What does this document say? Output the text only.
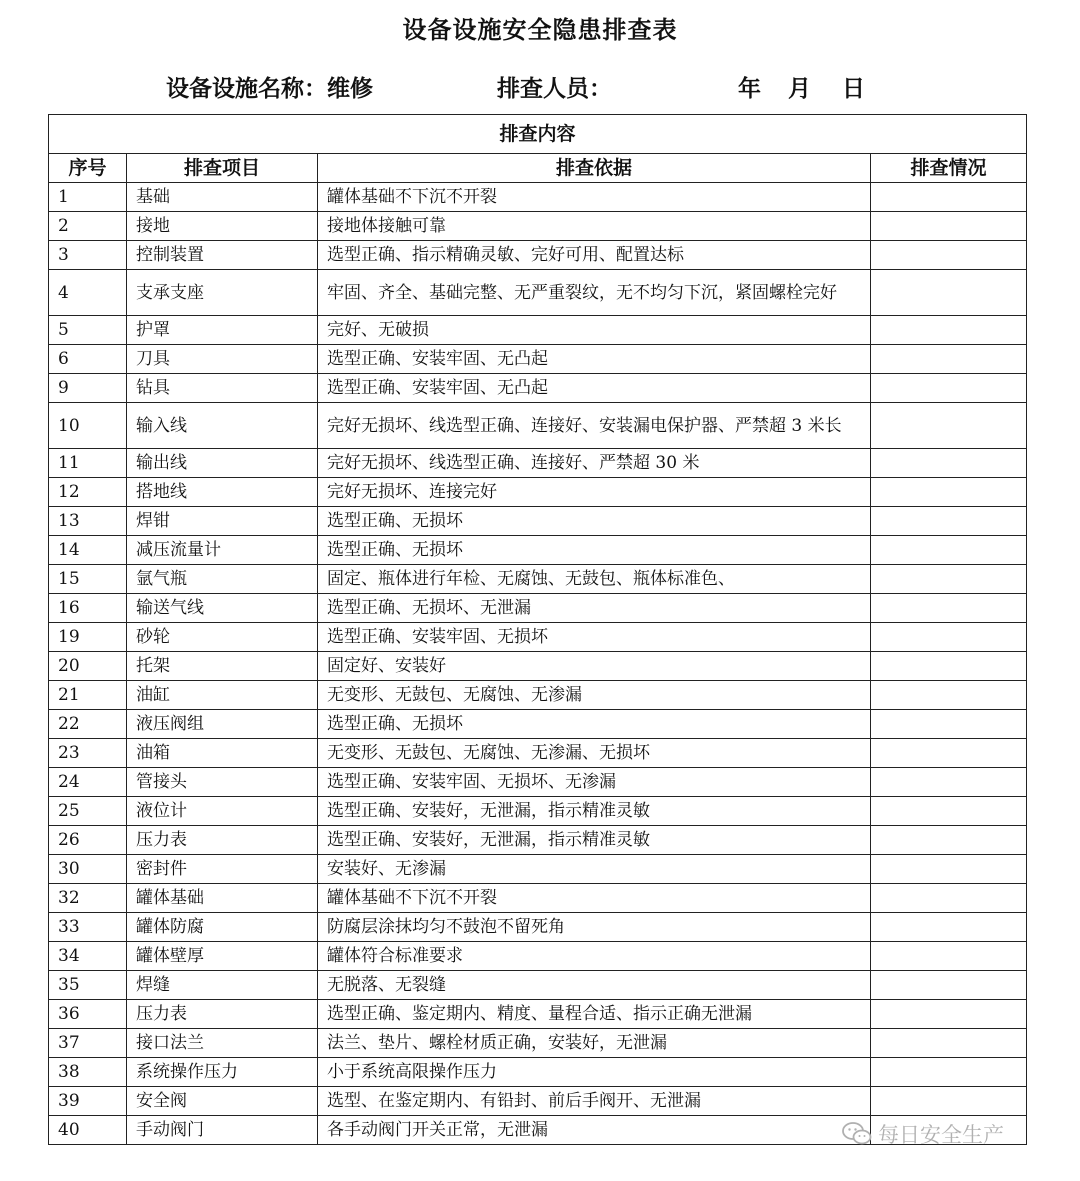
设备设施安全隐患排查表
设备设施名称：维修	排查人员：	年 月 日
排查内容			
序号	排查项目	排查依据	排查情况
1	基础	罐体基础不下沉不开裂	
2	接地	接地体接触可靠	
3	控制装置	选型正确、指示精确灵敏、完好可用、配置达标	
4	支承支座	牢固、齐全、基础完整、无严重裂纹，无不均匀下沉，紧固螺栓完好	
5	护罩	完好、无破损	
6	刀具	选型正确、安装牢固、无凸起	
9	钻具	选型正确、安装牢固、无凸起	
10	输入线	完好无损坏、线选型正确、连接好、安装漏电保护器、严禁超 3 米长	
11	输出线	完好无损坏、线选型正确、连接好、严禁超 30 米	
12	搭地线	完好无损坏、连接完好	
13	焊钳	选型正确、无损坏	
14	减压流量计	选型正确、无损坏	
15	氩气瓶	固定、瓶体进行年检、无腐蚀、无鼓包、瓶体标准色、	
16	输送气线	选型正确、无损坏、无泄漏	
19	砂轮	选型正确、安装牢固、无损坏	
20	托架	固定好、安装好	
21	油缸	无变形、无鼓包、无腐蚀、无渗漏	
22	液压阀组	选型正确、无损坏	
23	油箱	无变形、无鼓包、无腐蚀、无渗漏、无损坏	
24	管接头	选型正确、安装牢固、无损坏、无渗漏	
25	液位计	选型正确、安装好，无泄漏，指示精准灵敏	
26	压力表	选型正确、安装好，无泄漏，指示精准灵敏	
30	密封件	安装好、无渗漏	
32	罐体基础	罐体基础不下沉不开裂	
33	罐体防腐	防腐层涂抹均匀不鼓泡不留死角	
34	罐体壁厚	罐体符合标准要求	
35	焊缝	无脱落、无裂缝	
36	压力表	选型正确、鉴定期内、精度、量程合适、指示正确无泄漏	
37	接口法兰	法兰、垫片、螺栓材质正确，安装好，无泄漏	
38	系统操作压力	小于系统高限操作压力	
39	安全阀	选型、在鉴定期内、有铅封、前后手阀开、无泄漏	
40	手动阀门	各手动阀门开关正常，无泄漏		每日安全生产
